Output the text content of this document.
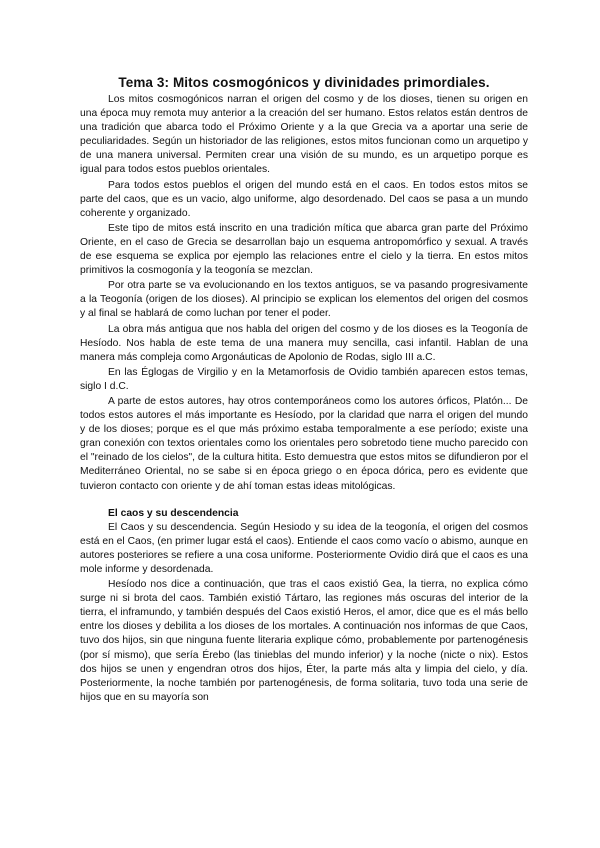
Tema 3: Mitos cosmogónicos y divinidades primordiales.

Los mitos cosmogónicos narran el origen del cosmo y de los dioses, tienen su origen en una época muy remota muy anterior a la creación del ser humano. Estos relatos están dentros de una tradición que abarca todo el Próximo Oriente y a la que Grecia va a aportar una serie de peculiaridades. Según un historiador de las religiones, estos mitos funcionan como un arquetipo y de una manera universal. Permiten crear una visión de su mundo, es un arquetipo porque es igual para todos estos pueblos orientales.

Para todos estos pueblos el origen del mundo está en el caos. En todos estos mitos se parte del caos, que es un vacio, algo uniforme, algo desordenado. Del caos se pasa a un mundo coherente y organizado.

Este tipo de mitos está inscrito en una tradición mítica que abarca gran parte del Próximo Oriente, en el caso de Grecia se desarrollan bajo un esquema antropomórfico y sexual. A través de ese esquema se explica por ejemplo las relaciones entre el cielo y la tierra. En estos mitos primitivos la cosmogonía y la teogonía se mezclan.

Por otra parte se va evolucionando en los textos antiguos, se va pasando progresivamente a la Teogonía (origen de los dioses). Al principio se explican los elementos del origen del cosmos y al final se hablará de como luchan por tener el poder.

La obra más antigua que nos habla del origen del cosmo y de los dioses es la Teogonía de Hesíodo. Nos habla de este tema de una manera muy sencilla, casi infantil. Hablan de una manera más compleja como Argonáuticas de Apolonio de Rodas, siglo III a.C.

En las Églogas de Virgilio y en la Metamorfosis de Ovidio también aparecen estos temas, siglo I d.C.

A parte de estos autores, hay otros contemporáneos como los autores órficos, Platón... De todos estos autores el más importante es Hesíodo, por la claridad que narra el origen del mundo y de los dioses; porque es el que más próximo estaba temporalmente a ese período; existe una gran conexión con textos orientales como los orientales pero sobretodo tiene mucho parecido con el "reinado de los cielos", de la cultura hitita. Esto demuestra que estos mitos se difundieron por el Mediterráneo Oriental, no se sabe si en época griego o en época dórica, pero es evidente que tuvieron contacto con oriente y de ahí toman estas ideas mitológicas.

El caos y su descendencia

El Caos y su descendencia. Según Hesiodo y su idea de la teogonía, el origen del cosmos está en el Caos, (en primer lugar está el caos). Entiende el caos como vacío o abismo, aunque en autores posteriores se refiere a una cosa uniforme. Posteriormente Ovidio dirá que el caos es una mole informe y desordenada.

Hesíodo nos dice a continuación, que tras el caos existió Gea, la tierra, no explica cómo surge ni si brota del caos. También existió Tártaro, las regiones más oscuras del interior de la tierra, el inframundo, y también después del Caos existió Heros, el amor, dice que es el más bello entre los dioses y debilita a los dioses de los mortales. A continuación nos informas de que Caos, tuvo dos hijos, sin que ninguna fuente literaria explique cómo, probablemente por partenogénesis (por sí mismo), que sería Érebo (las tinieblas del mundo inferior) y la noche (nicte o nix). Estos dos hijos se unen y engendran otros dos hijos, Éter, la parte más alta y limpia del cielo, y día. Posteriormente, la noche también por partenogénesis, de forma solitaria, tuvo toda una serie de hijos que en su mayoría son
